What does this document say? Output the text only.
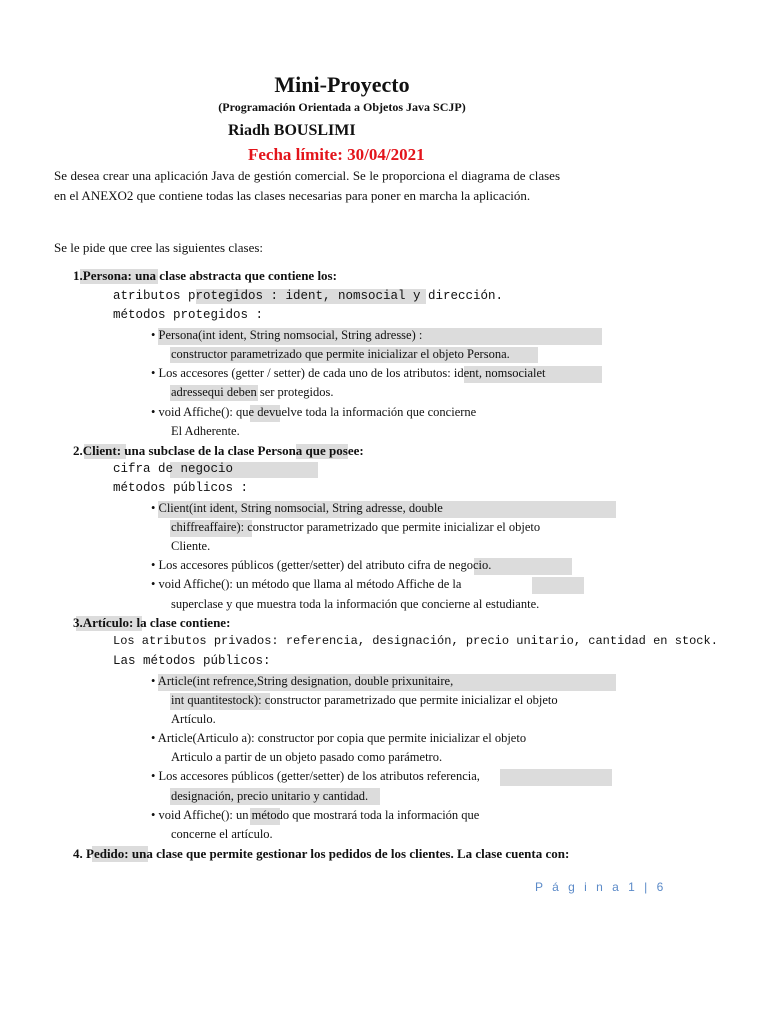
Mini-Proyecto
(Programación Orientada a Objetos Java SCJP)
Riadh BOUSLIMI
Fecha límite: 30/04/2021
Se desea crear una aplicación Java de gestión comercial. Se le proporciona el diagrama de clases en el ANEXO2 que contiene todas las clases necesarias para poner en marcha la aplicación.
Se le pide que cree las siguientes clases:
1.Persona: una clase abstracta que contiene los:
atributos protegidos : ident, nomsocial y dirección.
métodos protegidos :
• Persona(int ident, String nomsocial, String adresse) :
constructor parametrizado que permite inicializar el objeto Persona.
• Los accesores (getter / setter) de cada uno de los atributos: ident, nomsocialet
adressequi deben ser protegidos.
• void Affiche(): que devuelve toda la información que concierne
El Adherente.
2.Client: una subclase de la clase Persona que posee:
cifra de negocio
métodos públicos :
• Client(int ident, String nomsocial, String adresse, double
chiffreaffaire): constructor parametrizado que permite inicializar el objeto
Cliente.
• Los accesores públicos (getter/setter) del atributo cifra de negocio.
• void Affiche(): un método que llama al método Affiche de la
superclase y que muestra toda la información que concierne al estudiante.
3.Artículo: la clase contiene:
Los atributos privados: referencia, designación, precio unitario, cantidad en stock.
Las métodos públicos:
• Article(int refrence,String designation, double prixunitaire,
int quantitestock): constructor parametrizado que permite inicializar el objeto
Artículo.
• Article(Articulo a): constructor por copia que permite inicializar el objeto
Articulo a partir de un objeto pasado como parámetro.
• Los accesores públicos (getter/setter) de los atributos referencia,
designación, precio unitario y cantidad.
• void Affiche(): un método que mostrará toda la información que
concerne el artículo.
4. Pedido: una clase que permite gestionar los pedidos de los clientes. La clase cuenta con:
P á g i n a 1 | 6
